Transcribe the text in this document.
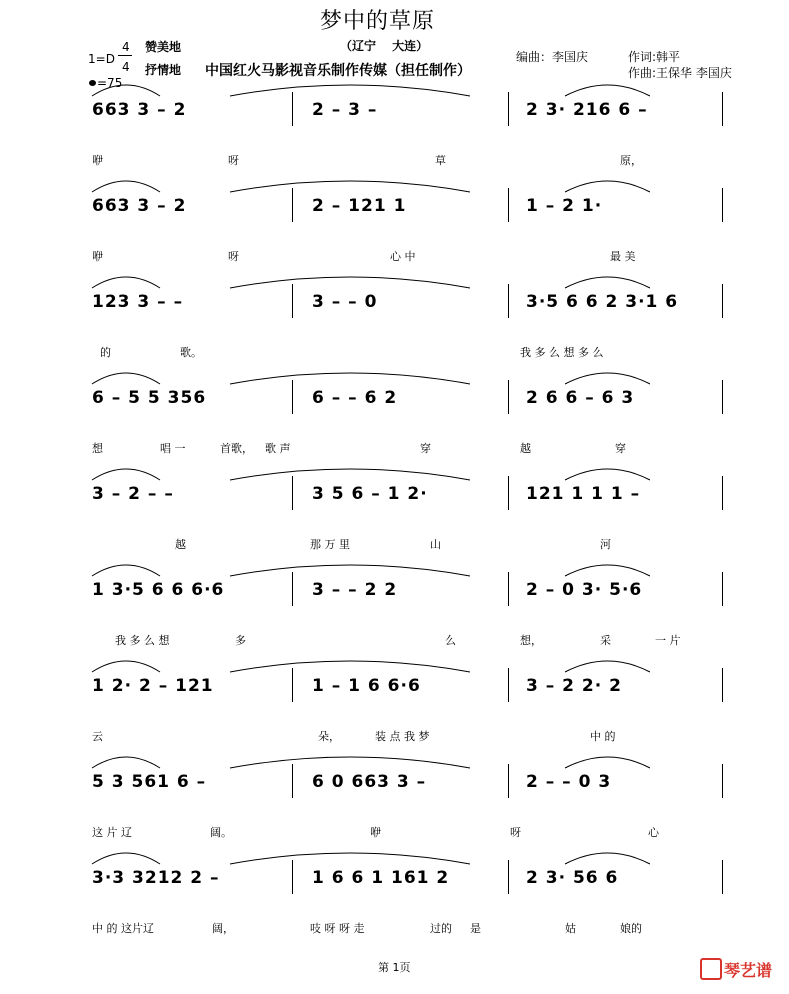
梦中的草原
（辽宁　 大连）
1=D
4
4
=75
赞美地
抒情地 中国红火马影视音乐制作传媒（担任制作）
编曲：李国庆	作词:韩平
作曲:王保华 李国庆
663 3 – 2	2 – 3 –	2 3· 216 6 –
咿	呀	草	原，
663 3 – 2	2 – 121 1	1 – 2 1·
咿	呀	心 中	最 美
123 3 – –	3 – – 0	3·5 6 6 2 3·1 6
的	歌。	我 多 么 想 多 么
6 – 5 5 356	6 – – 6 2	2 6 6 – 6 3
想	唱 一	首歌， 歌 声	穿	越	穿
3 – 2 – –	3 5 6 – 1 2·	121 1 1 1 –
越	那 万 里	山	河
1 3·5 6 6 6·6	3 – – 2 2	2 – 0 3· 5·6
我 多 么 想	多	么	想，	采	一 片
1 2· 2 – 121	1 – 1 6 6·6	3 – 2 2· 2
云	朵，	装 点 我 梦	中 的
5 3 561 6 –	6 0 663 3 –	2 – – 0 3
这 片 辽	阔。	咿	呀	心
3·3 3212 2 –	1 6 6 1 161 2	2 3· 56 6
中 的 这片辽	阔，	吱 呀 呀 走	过的 是	姑	娘的
第 1页	琴艺谱
